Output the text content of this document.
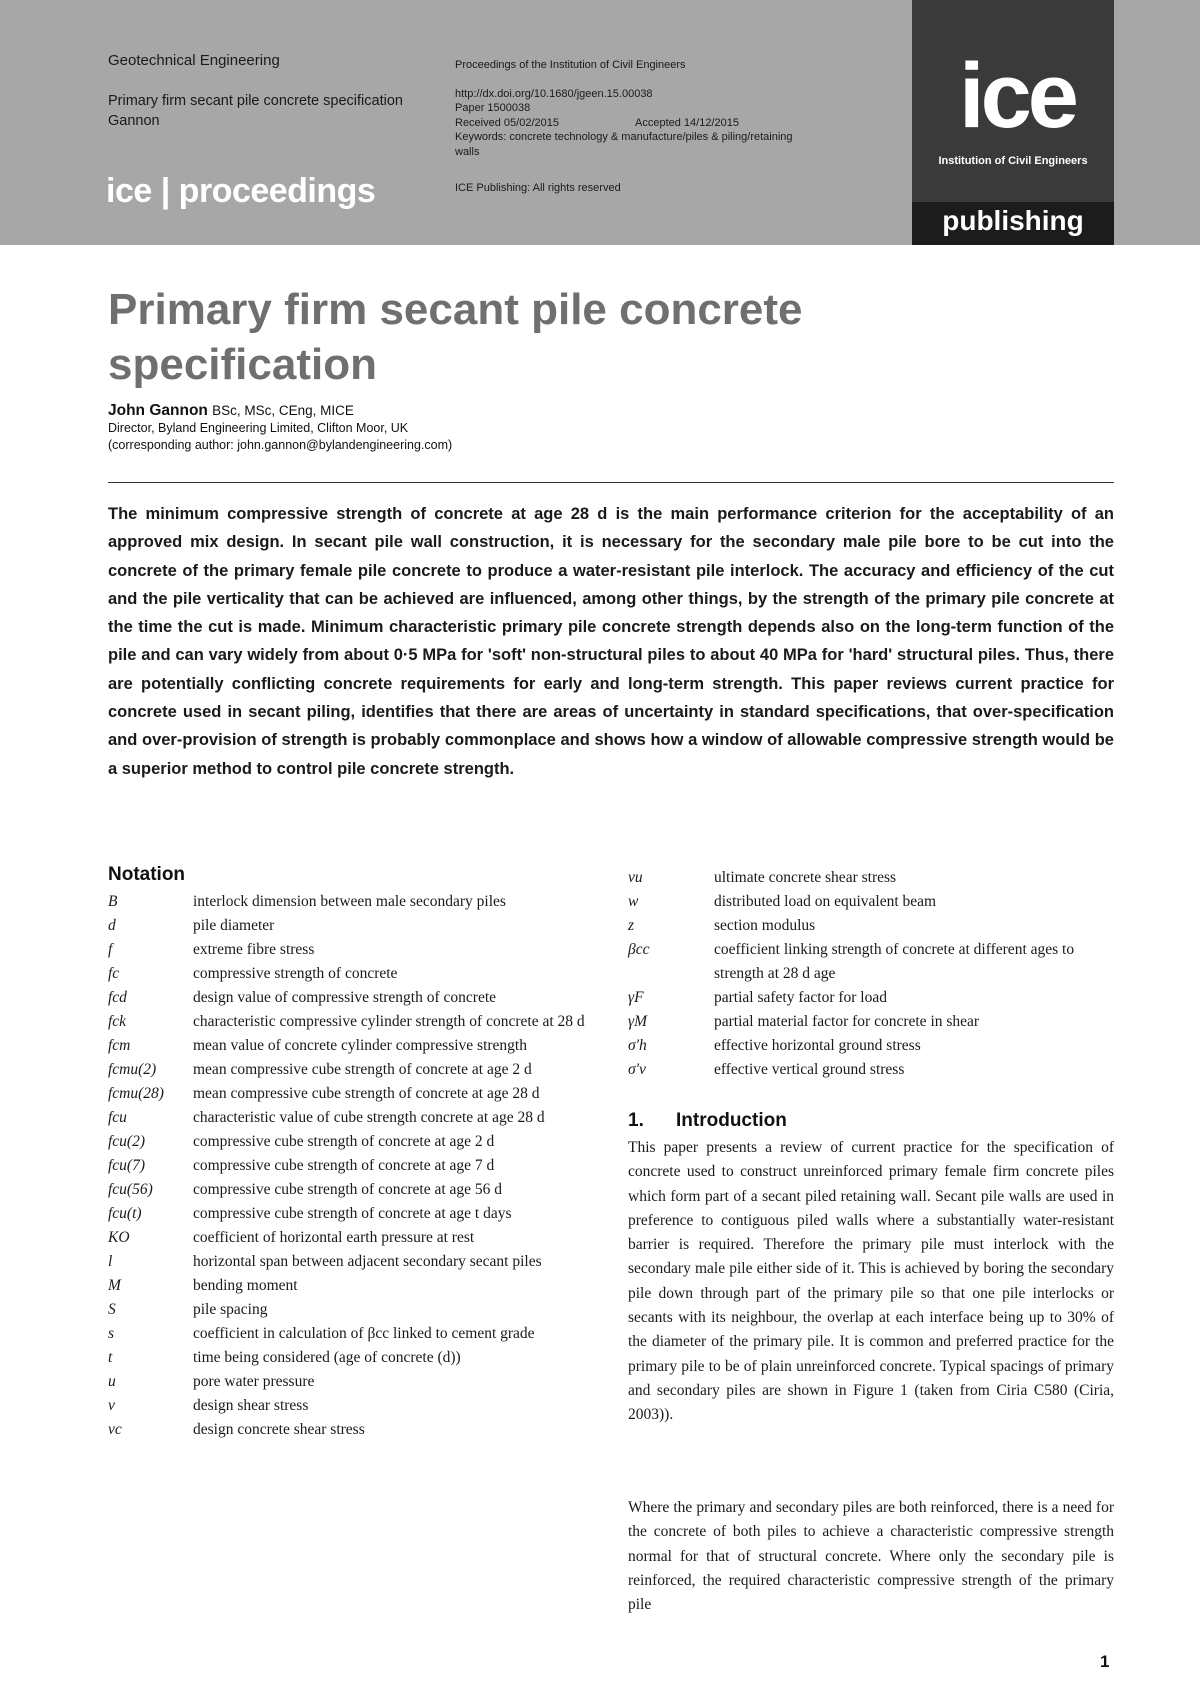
Geotechnical Engineering
Primary firm secant pile concrete specification
Gannon
ice | proceedings
Proceedings of the Institution of Civil Engineers
http://dx.doi.org/10.1680/jgeen.15.00038
Paper 1500038
Received 05/02/2015	Accepted 14/12/2015
Keywords: concrete technology & manufacture/piles & piling/retaining walls
ICE Publishing: All rights reserved
ice
Institution of Civil Engineers
publishing
Primary firm secant pile concrete specification
John Gannon BSc, MSc, CEng, MICE
Director, Byland Engineering Limited, Clifton Moor, UK
(corresponding author: john.gannon@bylandengineering.com)

The minimum compressive strength of concrete at age 28 d is the main performance criterion for the acceptability of an approved mix design. In secant pile wall construction, it is necessary for the secondary male pile bore to be cut into the concrete of the primary female pile concrete to produce a water-resistant pile interlock. The accuracy and efficiency of the cut and the pile verticality that can be achieved are influenced, among other things, by the strength of the primary pile concrete at the time the cut is made. Minimum characteristic primary pile concrete strength depends also on the long-term function of the pile and can vary widely from about 0·5 MPa for 'soft' non-structural piles to about 40 MPa for 'hard' structural piles. Thus, there are potentially conflicting concrete requirements for early and long-term strength. This paper reviews current practice for concrete used in secant piling, identifies that there are areas of uncertainty in standard specifications, that over-specification and over-provision of strength is probably commonplace and shows how a window of allowable compressive strength would be a superior method to control pile concrete strength.

Notation
B	interlock dimension between male secondary piles
d	pile diameter
f	extreme fibre stress
fc	compressive strength of concrete
fcd	design value of compressive strength of concrete
fck	characteristic compressive cylinder strength of concrete at 28 d
fcm	mean value of concrete cylinder compressive strength
fcmu(2)	mean compressive cube strength of concrete at age 2 d
fcmu(28)	mean compressive cube strength of concrete at age 28 d
fcu	characteristic value of cube strength concrete at age 28 d
fcu(2)	compressive cube strength of concrete at age 2 d
fcu(7)	compressive cube strength of concrete at age 7 d
fcu(56)	compressive cube strength of concrete at age 56 d
fcu(t)	compressive cube strength of concrete at age t days
KO	coefficient of horizontal earth pressure at rest
l	horizontal span between adjacent secondary secant piles
M	bending moment
S	pile spacing
s	coefficient in calculation of βcc linked to cement grade
t	time being considered (age of concrete (d))
u	pore water pressure
v	design shear stress
vc	design concrete shear stress
vu	ultimate concrete shear stress
w	distributed load on equivalent beam
z	section modulus
βcc	coefficient linking strength of concrete at different ages to strength at 28 d age
γF	partial safety factor for load
γM	partial material factor for concrete in shear
σ'h	effective horizontal ground stress
σ'v	effective vertical ground stress
1. Introduction

This paper presents a review of current practice for the specification of concrete used to construct unreinforced primary female firm concrete piles which form part of a secant piled retaining wall. Secant pile walls are used in preference to contiguous piled walls where a substantially water-resistant barrier is required. Therefore the primary pile must interlock with the secondary male pile either side of it. This is achieved by boring the secondary pile down through part of the primary pile so that one pile interlocks or secants with its neighbour, the overlap at each interface being up to 30% of the diameter of the primary pile. It is common and preferred practice for the primary pile to be of plain unreinforced concrete. Typical spacings of primary and secondary piles are shown in Figure 1 (taken from Ciria C580 (Ciria, 2003)).

Where the primary and secondary piles are both reinforced, there is a need for the concrete of both piles to achieve a characteristic compressive strength normal for that of structural concrete. Where only the secondary pile is reinforced, the required characteristic compressive strength of the primary pile

1
